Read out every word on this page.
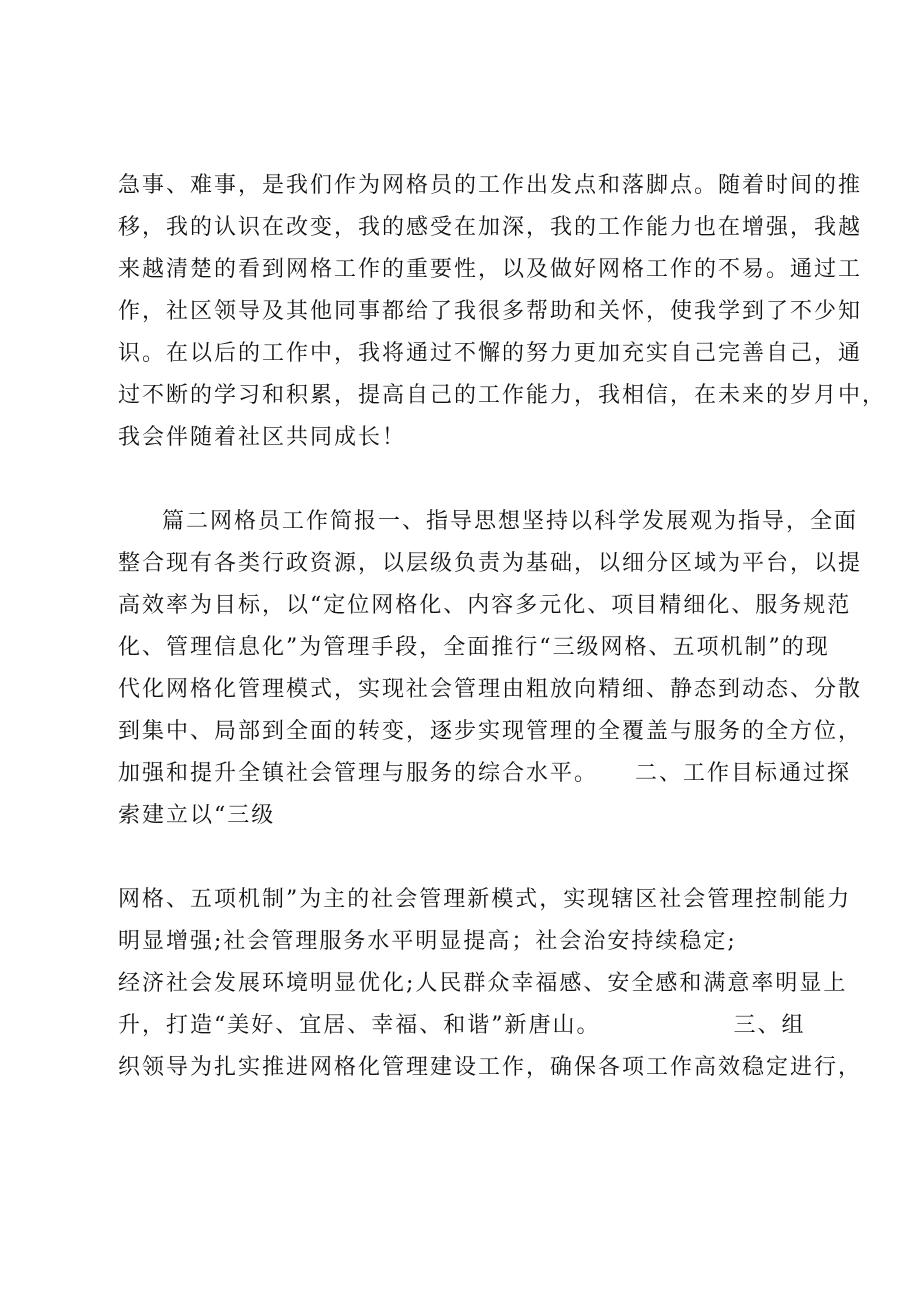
急事、难事，是我们作为网格员的工作出发点和落脚点。随着时间的推
移，我的认识在改变，我的感受在加深，我的工作能力也在增强，我越
来越清楚的看到网格工作的重要性，以及做好网格工作的不易。通过工
作，社区领导及其他同事都给了我很多帮助和关怀，使我学到了不少知
识。在以后的工作中，我将通过不懈的努力更加充实自己完善自己，通
过不断的学习和积累，提高自己的工作能力，我相信，在未来的岁月中，
我会伴随着社区共同成长！
篇二网格员工作简报一、指导思想坚持以科学发展观为指导，全面
整合现有各类行政资源，以层级负责为基础，以细分区域为平台，以提
高效率为目标，以“定位网格化、内容多元化、项目精细化、服务规范
化、管理信息化”为管理手段，全面推行“三级网格、五项机制”的现
代化网格化管理模式，实现社会管理由粗放向精细、静态到动态、分散
到集中、局部到全面的转变，逐步实现管理的全覆盖与服务的全方位，
加强和提升全镇社会管理与服务的综合水平。　　二、工作目标通过探
索建立以“三级
网格、五项机制”为主的社会管理新模式，实现辖区社会管理控制能力
明显增强;社会管理服务水平明显提高；社会治安持续稳定;
经济社会发展环境明显优化;人民群众幸福感、安全感和满意率明显上
升，打造“美好、宜居、幸福、和谐”新唐山。　　　　　　三、组
织领导为扎实推进网格化管理建设工作，确保各项工作高效稳定进行，
